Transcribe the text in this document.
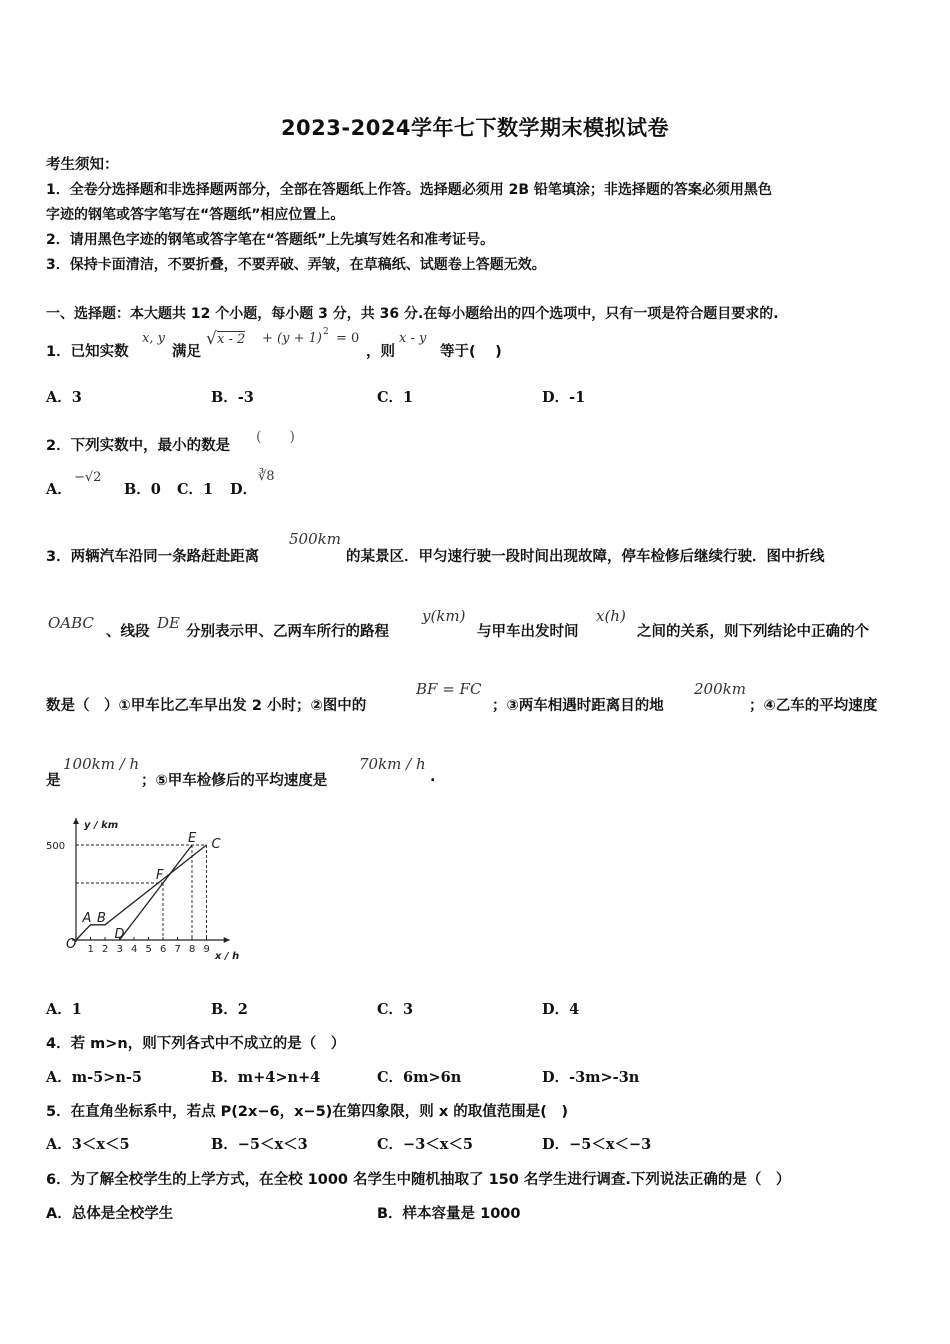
2023-2024学年七下数学期末模拟试卷
考生须知：
1．全卷分选择题和非选择题两部分，全部在答题纸上作答。选择题必须用 2B 铅笔填涂；非选择题的答案必须用黑色
字迹的钢笔或答字笔写在“答题纸”相应位置上。
2．请用黑色字迹的钢笔或答字笔在“答题纸”上先填写姓名和准考证号。
3．保持卡面清洁，不要折叠，不要弄破、弄皱，在草稿纸、试题卷上答题无效。
一、选择题：本大题共 12 个小题，每小题 3 分，共 36 分.在每小题给出的四个选项中，只有一项是符合题目要求的.
1．已知实数
x, y
满足
√ x - 2 + (y + 1) 2 = 0
，则
x - y
等于(　 )
A．3	B．-3	C．1	D．-1
2．下列实数中，最小的数是
(　　)
A．
−√2
B．0 C．1 D．
∛8
3．两辆汽车沿同一条路赶赴距离
500km
的某景区．甲匀速行驶一段时间出现故障，停车检修后继续行驶．图中折线
OABC 、线段 DE 分别表示甲、乙两车所行的路程
y(km)
与甲车出发时间
x(h)
之间的关系，则下列结论中正确的个
数是（　）①甲车比乙车早出发 2 小时；②图中的
BF = FC
；③两车相遇时距离目的地
200km
；④乙车的平均速度
是
100km / h
；⑤甲车检修后的平均速度是
70km / h
.
y / km
x / h
O 1 2 3 4 5 6 7 8 9
500
A B
C
D
E
F
A．1	B．2	C．3	D．4
4．若 m>n，则下列各式中不成立的是（　）
A．m-5>n-5	B．m+4>n+4	C．6m>6n	D．-3m>-3n
5．在直角坐标系中，若点 P(2x−6，x−5)在第四象限，则 x 的取值范围是(　)
A．3＜x＜5	B．−5＜x＜3	C．−3＜x＜5	D．−5＜x＜−3
6．为了解全校学生的上学方式，在全校 1000 名学生中随机抽取了 150 名学生进行调查.下列说法正确的是（　）
A．总体是全校学生	B．样本容量是 1000
